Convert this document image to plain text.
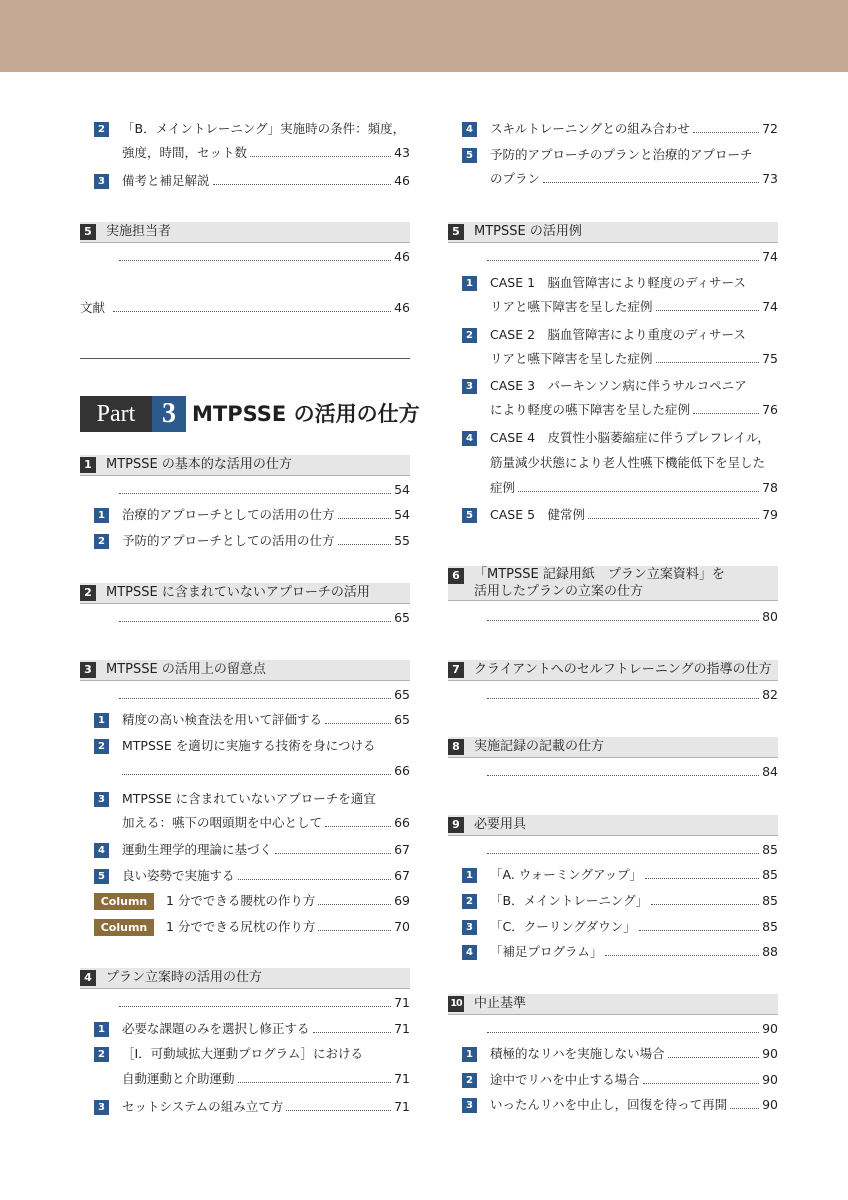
2	「B．メイントレーニング」実施時の条件：頻度，
強度，時間，セット数	43
3	備考と補足解説	46
5	実施担当者
46
文献	46
Part 3 MTPSSE の活用の仕方
1	MTPSSE の基本的な活用の仕方
54
1	治療的アプローチとしての活用の仕方	54
2	予防的アプローチとしての活用の仕方	55
2	MTPSSE に含まれていないアプローチの活用
65
3	MTPSSE の活用上の留意点
65
1	精度の高い検査法を用いて評価する	65
2	MTPSSE を適切に実施する技術を身につける
66
3	MTPSSE に含まれていないアプローチを適宜
加える：嚥下の咽頭期を中心として	66
4	運動生理学的理論に基づく	67
5	良い姿勢で実施する	67
Column	1 分でできる腰枕の作り方	69
Column	1 分でできる尻枕の作り方	70
4	プラン立案時の活用の仕方
71
1	必要な課題のみを選択し修正する	71
2	［Ⅰ．可動域拡大運動プログラム］における
自動運動と介助運動	71
3	セットシステムの組み立て方	71
4	スキルトレーニングとの組み合わせ	72
5	予防的アプローチのプランと治療的アプローチ
のプラン	73
5	MTPSSE の活用例
74
1	CASE 1　脳血管障害により軽度のディサース
リアと嚥下障害を呈した症例	74
2	CASE 2　脳血管障害により重度のディサース
リアと嚥下障害を呈した症例	75
3	CASE 3　パーキンソン病に伴うサルコペニア
により軽度の嚥下障害を呈した症例	76
4	CASE 4　皮質性小脳萎縮症に伴うプレフレイル，
筋量減少状態により老人性嚥下機能低下を呈した
症例	78
5	CASE 5　健常例	79
6	「MTPSSE 記録用紙　プラン立案資料」を
活用したプランの立案の仕方
80
7	クライアントへのセルフトレーニングの指導の仕方
82
8	実施記録の記載の仕方
84
9	必要用具
85
1	「A. ウォーミングアップ」	85
2	「B．メイントレーニング」	85
3	「C．クーリングダウン」	85
4	「補足プログラム」	88
10 中止基準
90
1	積極的なリハを実施しない場合	90
2	途中でリハを中止する場合	90
3	いったんリハを中止し，回復を待って再開	90
